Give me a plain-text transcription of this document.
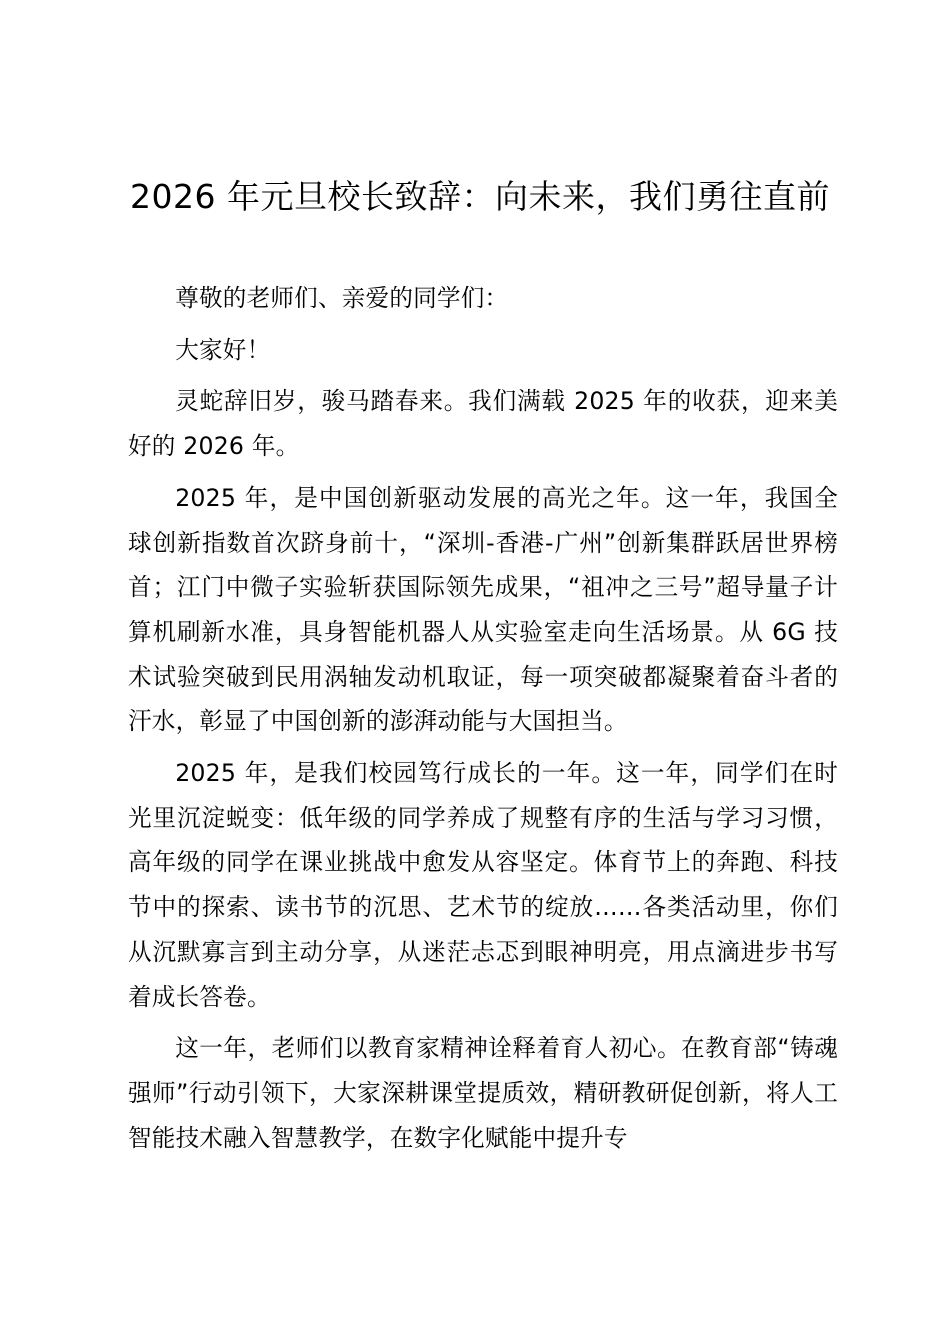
2026 年元旦校长致辞：向未来，我们勇往直前

尊敬的老师们、亲爱的同学们：

大家好！

灵蛇辞旧岁，骏马踏春来。我们满载 2025 年的收获，迎来美好的 2026 年。

2025 年，是中国创新驱动发展的高光之年。这一年，我国全球创新指数首次跻身前十，“深圳-香港-广州”创新集群跃居世界榜首；江门中微子实验斩获国际领先成果，“祖冲之三号”超导量子计算机刷新水准，具身智能机器人从实验室走向生活场景。从 6G 技术试验突破到民用涡轴发动机取证，每一项突破都凝聚着奋斗者的汗水，彰显了中国创新的澎湃动能与大国担当。

2025 年，是我们校园笃行成长的一年。这一年，同学们在时光里沉淀蜕变：低年级的同学养成了规整有序的生活与学习习惯，高年级的同学在课业挑战中愈发从容坚定。体育节上的奔跑、科技节中的探索、读书节的沉思、艺术节的绽放……各类活动里，你们从沉默寡言到主动分享，从迷茫忐忑到眼神明亮，用点滴进步书写着成长答卷。

这一年，老师们以教育家精神诠释着育人初心。在教育部“铸魂强师”行动引领下，大家深耕课堂提质效，精研教研促创新，将人工智能技术融入智慧教学，在数字化赋能中提升专
